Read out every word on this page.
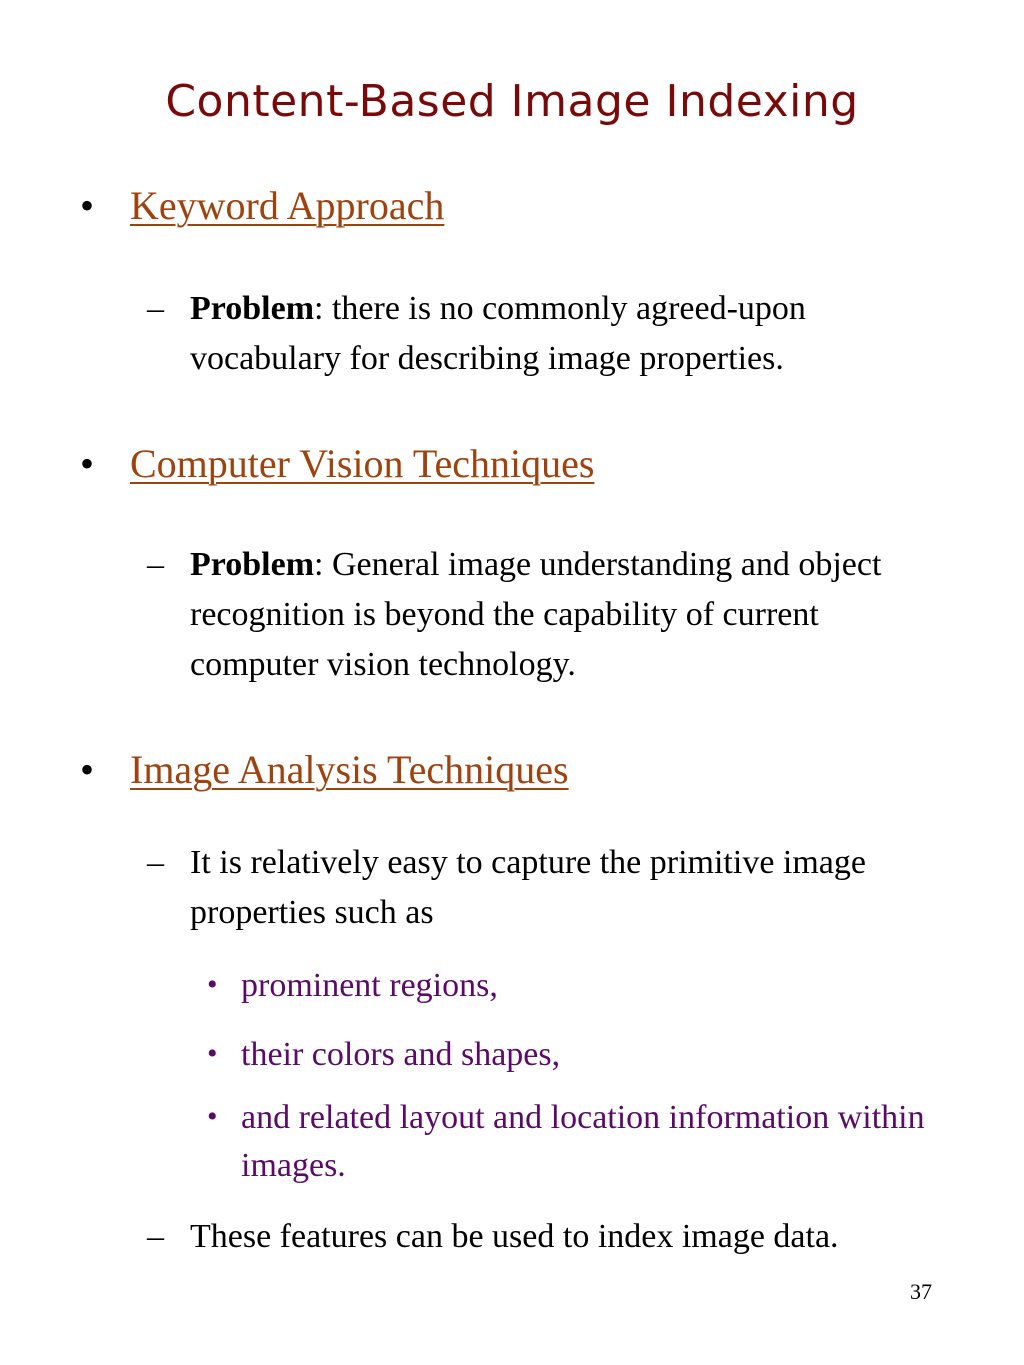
Content-Based Image Indexing
• Keyword Approach
– Problem: there is no commonly agreed-upon vocabulary for describing image properties.
• Computer Vision Techniques
– Problem: General image understanding and object recognition is beyond the capability of current computer vision technology.
• Image Analysis Techniques
– It is relatively easy to capture the primitive image properties such as
• prominent regions,
• their colors and shapes,
• and related layout and location information within images.
– These features can be used to index image data.
37
